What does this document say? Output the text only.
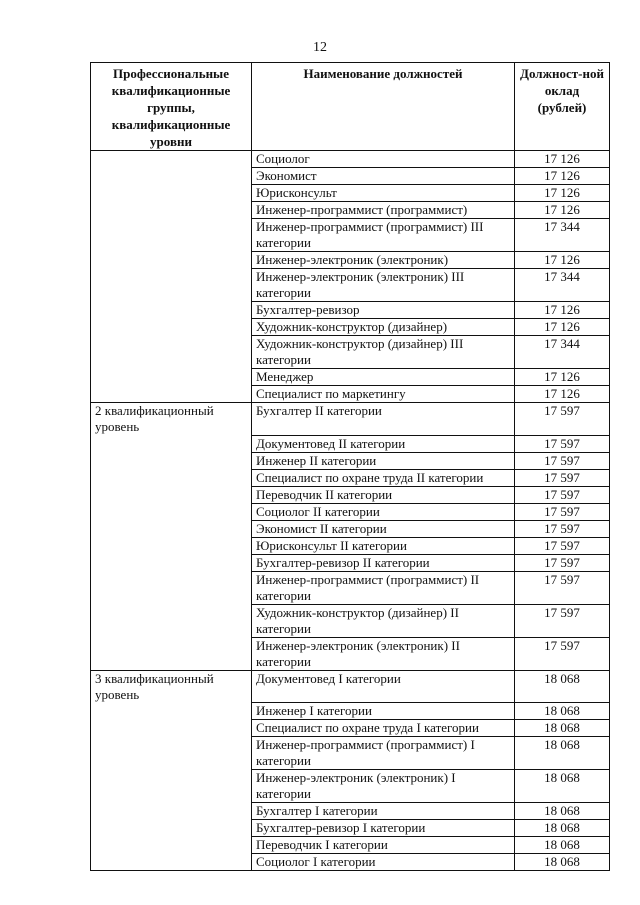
12
Профессиональные квалификационные группы, квалификационные уровни	Наименование должностей	Должност-ной оклад (рублей)
	Социолог	17 126
	Экономист	17 126
	Юрисконсульт	17 126
	Инженер-программист (программист)	17 126
	Инженер-программист (программист) III категории	17 344
	Инженер-электроник (электроник)	17 126
	Инженер-электроник (электроник) III категории	17 344
	Бухгалтер-ревизор	17 126
	Художник-конструктор (дизайнер)	17 126
	Художник-конструктор (дизайнер) III категории	17 344
	Менеджер	17 126
	Специалист по маркетингу	17 126
2 квалификационный уровень	Бухгалтер II категории	17 597
	Документовед II категории	17 597
	Инженер II категории	17 597
	Специалист по охране труда II категории	17 597
	Переводчик II категории	17 597
	Социолог II категории	17 597
	Экономист II категории	17 597
	Юрисконсульт II категории	17 597
	Бухгалтер-ревизор II категории	17 597
	Инженер-программист (программист) II категории	17 597
	Художник-конструктор (дизайнер) II категории	17 597
	Инженер-электроник (электроник) II категории	17 597
3 квалификационный уровень	Документовед I категории	18 068
	Инженер I категории	18 068
	Специалист по охране труда I категории	18 068
	Инженер-программист (программист) I категории	18 068
	Инженер-электроник (электроник) I категории	18 068
	Бухгалтер I категории	18 068
	Бухгалтер-ревизор I категории	18 068
	Переводчик I категории	18 068
	Социолог I категории	18 068
